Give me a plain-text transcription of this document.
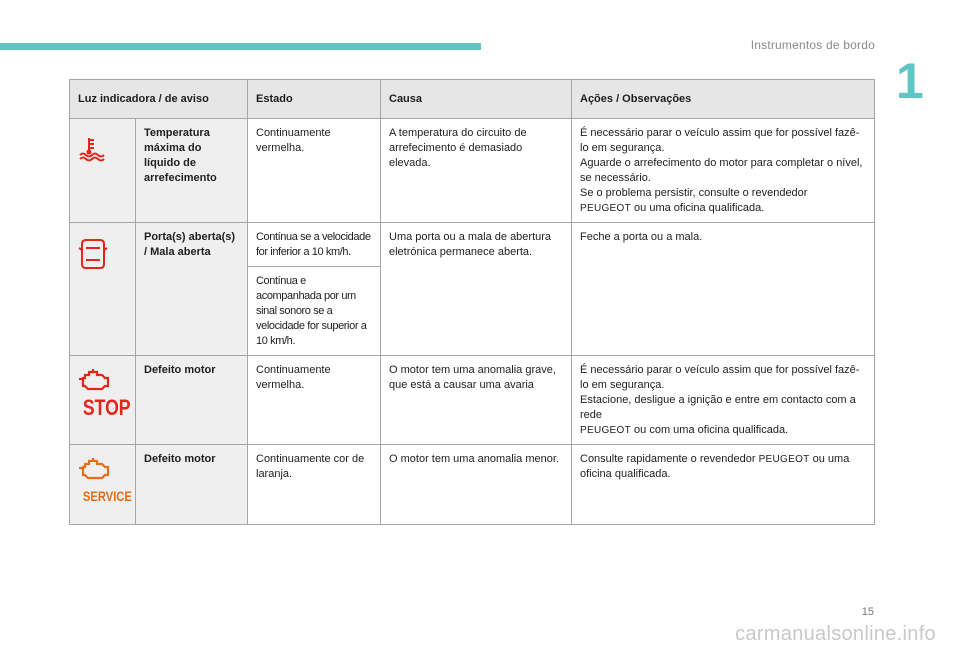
Instrumentos de bordo
1
Luz indicadora / de aviso		Estado	Causa	Ações / Observações

	Temperatura máxima do líquido de arrefecimento	Continuamente vermelha.	A temperatura do circuito de arrefecimento é demasiado elevada.	É necessário parar o veículo assim que for possível fazê-lo em segurança.
Aguarde o arrefecimento do motor para completar o nível, se necessário.
Se o problema persistir, consulte o revendedor
PEUGEOT ou uma oficina qualificada.

	Porta(s) aberta(s) / Mala aberta	Contínua se a velocidade for inferior a 10 km/h.	Uma porta ou a mala de abertura eletrónica permanece aberta.	Feche a porta ou a mala.
		Contínua e acompanhada por um sinal sonoro se a velocidade for superior a 10 km/h.		

STOP	Defeito motor	Continuamente vermelha.	O motor tem uma anomalia grave, que está a causar uma avaria	É necessário parar o veículo assim que for possível fazê-lo em segurança.
Estacione, desligue a ignição e entre em contacto com a rede
PEUGEOT ou com uma oficina qualificada.

SERVICE	Defeito motor	Continuamente cor de laranja.	O motor tem uma anomalia menor.	Consulte rapidamente o revendedor PEUGEOT ou uma oficina qualificada.
15
carmanualsonline.info
